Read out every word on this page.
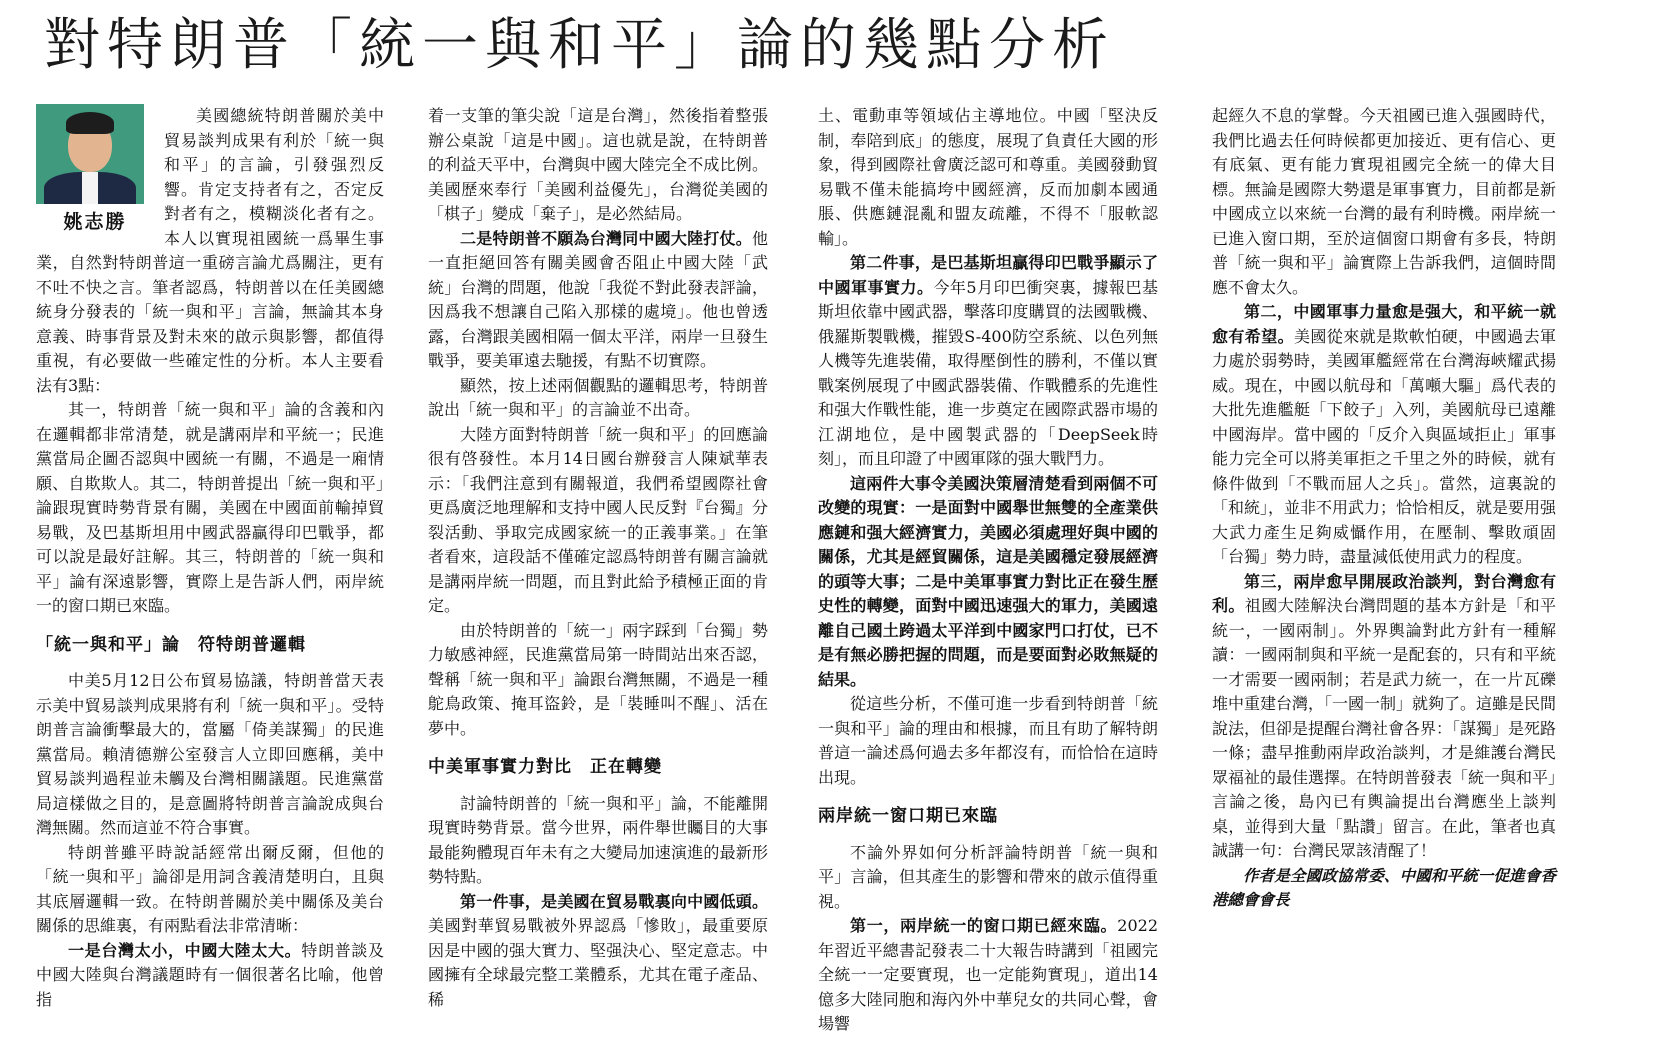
對特朗普「統一與和平」論的幾點分析
姚志勝

美國總統特朗普關於美中貿易談判成果有利於「統一與和平」的言論，引發强烈反響。肯定支持者有之，否定反對者有之，模糊淡化者有之。本人以實現祖國統一爲畢生事業，自然對特朗普這一重磅言論尤爲關注，更有不吐不快之言。筆者認爲，特朗普以在任美國總統身分發表的「統一與和平」言論，無論其本身意義、時事背景及對未來的啟示與影響，都值得重視，有必要做一些確定性的分析。本人主要看法有3點：

其一，特朗普「統一與和平」論的含義和內在邏輯都非常清楚，就是講兩岸和平統一；民進黨當局企圖否認與中國統一有關，不過是一廂情願、自欺欺人。其二，特朗普提出「統一與和平」論跟現實時勢背景有關，美國在中國面前輸掉貿易戰，及巴基斯坦用中國武器贏得印巴戰爭，都可以說是最好註解。其三，特朗普的「統一與和平」論有深遠影響，實際上是告訴人們，兩岸統一的窗口期已來臨。

「統一與和平」論　符特朗普邏輯

中美5月12日公布貿易協議，特朗普當天表示美中貿易談判成果將有利「統一與和平」。受特朗普言論衝擊最大的，當屬「倚美謀獨」的民進黨當局。賴清德辦公室發言人立即回應稱，美中貿易談判過程並未觸及台灣相關議題。民進黨當局這樣做之目的，是意圖將特朗普言論說成與台灣無關。然而這並不符合事實。

特朗普雖平時說話經常出爾反爾，但他的「統一與和平」論卻是用詞含義清楚明白，且與其底層邏輯一致。在特朗普關於美中關係及美台關係的思維裏，有兩點看法非常清晰：

一是台灣太小，中國大陸太大。特朗普談及中國大陸與台灣議題時有一個很著名比喻，他曾指

着一支筆的筆尖說「這是台灣」，然後指着整張辦公桌說「這是中國」。這也就是說，在特朗普的利益天平中，台灣與中國大陸完全不成比例。美國歷來奉行「美國利益優先」，台灣從美國的「棋子」變成「棄子」，是必然結局。

二是特朗普不願為台灣同中國大陸打仗。他一直拒絕回答有關美國會否阻止中國大陸「武統」台灣的問題，他說「我從不對此發表評論，因爲我不想讓自己陷入那樣的處境」。他也曾透露，台灣跟美國相隔一個太平洋，兩岸一旦發生戰爭，要美軍遠去馳援，有點不切實際。

顯然，按上述兩個觀點的邏輯思考，特朗普說出「統一與和平」的言論並不出奇。

大陸方面對特朗普「統一與和平」的回應論很有啓發性。本月14日國台辦發言人陳斌華表示：「我們注意到有關報道，我們希望國際社會更爲廣泛地理解和支持中國人民反對『台獨』分裂活動、爭取完成國家統一的正義事業。」在筆者看來，這段話不僅確定認爲特朗普有關言論就是講兩岸統一問題，而且對此給予積極正面的肯定。

由於特朗普的「統一」兩字踩到「台獨」勢力敏感神經，民進黨當局第一時間站出來否認，聲稱「統一與和平」論跟台灣無關，不過是一種鴕鳥政策、掩耳盜鈴，是「裝睡叫不醒」、活在夢中。

中美軍事實力對比　正在轉變

討論特朗普的「統一與和平」論，不能離開現實時勢背景。當今世界，兩件舉世矚目的大事最能夠體現百年未有之大變局加速演進的最新形勢特點。

第一件事，是美國在貿易戰裏向中國低頭。美國對華貿易戰被外界認爲「慘敗」，最重要原因是中國的强大實力、堅强決心、堅定意志。中國擁有全球最完整工業體系，尤其在電子產品、稀

土、電動車等領域佔主導地位。中國「堅決反制，奉陪到底」的態度，展現了負責任大國的形象，得到國際社會廣泛認可和尊重。美國發動貿易戰不僅未能搞垮中國經濟，反而加劇本國通脹、供應鏈混亂和盟友疏離，不得不「服軟認輸」。

第二件事，是巴基斯坦贏得印巴戰爭顯示了中國軍事實力。今年5月印巴衝突裏，據報巴基斯坦依靠中國武器，擊落印度購買的法國戰機、俄羅斯製戰機，摧毀S-400防空系統、以色列無人機等先進裝備，取得壓倒性的勝利，不僅以實戰案例展現了中國武器裝備、作戰體系的先進性和强大作戰性能，進一步奠定在國際武器市場的江湖地位，是中國製武器的「DeepSeek時刻」，而且印證了中國軍隊的强大戰鬥力。

這兩件大事令美國決策層清楚看到兩個不可改變的現實：一是面對中國舉世無雙的全產業供應鏈和强大經濟實力，美國必須處理好與中國的關係，尤其是經貿關係，這是美國穩定發展經濟的頭等大事；二是中美軍事實力對比正在發生歷史性的轉變，面對中國迅速强大的軍力，美國遠離自己國土跨過太平洋到中國家門口打仗，已不是有無必勝把握的問題，而是要面對必敗無疑的結果。

從這些分析，不僅可進一步看到特朗普「統一與和平」論的理由和根據，而且有助了解特朗普這一論述爲何過去多年都沒有，而恰恰在這時出現。

兩岸統一窗口期已來臨

不論外界如何分析評論特朗普「統一與和平」言論，但其產生的影響和帶來的啟示值得重視。

第一，兩岸統一的窗口期已經來臨。2022年習近平總書記發表二十大報告時講到「祖國完全統一一定要實現，也一定能夠實現」，道出14億多大陸同胞和海內外中華兒女的共同心聲，會場響

起經久不息的掌聲。今天祖國已進入强國時代，我們比過去任何時候都更加接近、更有信心、更有底氣、更有能力實現祖國完全統一的偉大目標。無論是國際大勢還是軍事實力，目前都是新中國成立以來統一台灣的最有利時機。兩岸統一已進入窗口期，至於這個窗口期會有多長，特朗普「統一與和平」論實際上告訴我們，這個時間應不會太久。

第二，中國軍事力量愈是强大，和平統一就愈有希望。美國從來就是欺軟怕硬，中國過去軍力處於弱勢時，美國軍艦經常在台灣海峽耀武揚威。現在，中國以航母和「萬噸大驅」爲代表的大批先進艦艇「下餃子」入列，美國航母已遠離中國海岸。當中國的「反介入與區域拒止」軍事能力完全可以將美軍拒之千里之外的時候，就有條件做到「不戰而屈人之兵」。當然，這裏說的「和統」，並非不用武力；恰恰相反，就是要用强大武力產生足夠威懾作用，在壓制、擊敗頑固「台獨」勢力時，盡量減低使用武力的程度。

第三，兩岸愈早開展政治談判，對台灣愈有利。祖國大陸解決台灣問題的基本方針是「和平統一，一國兩制」。外界輿論對此方針有一種解讀：一國兩制與和平統一是配套的，只有和平統一才需要一國兩制；若是武力統一，在一片瓦礫堆中重建台灣，「一國一制」就夠了。這雖是民間說法，但卻是提醒台灣社會各界：「謀獨」是死路一條；盡早推動兩岸政治談判，才是維護台灣民眾福祉的最佳選擇。在特朗普發表「統一與和平」言論之後，島內已有輿論提出台灣應坐上談判桌，並得到大量「點讚」留言。在此，筆者也真誠講一句：台灣民眾該清醒了！

作者是全國政協常委、中國和平統一促進會香港總會會長
